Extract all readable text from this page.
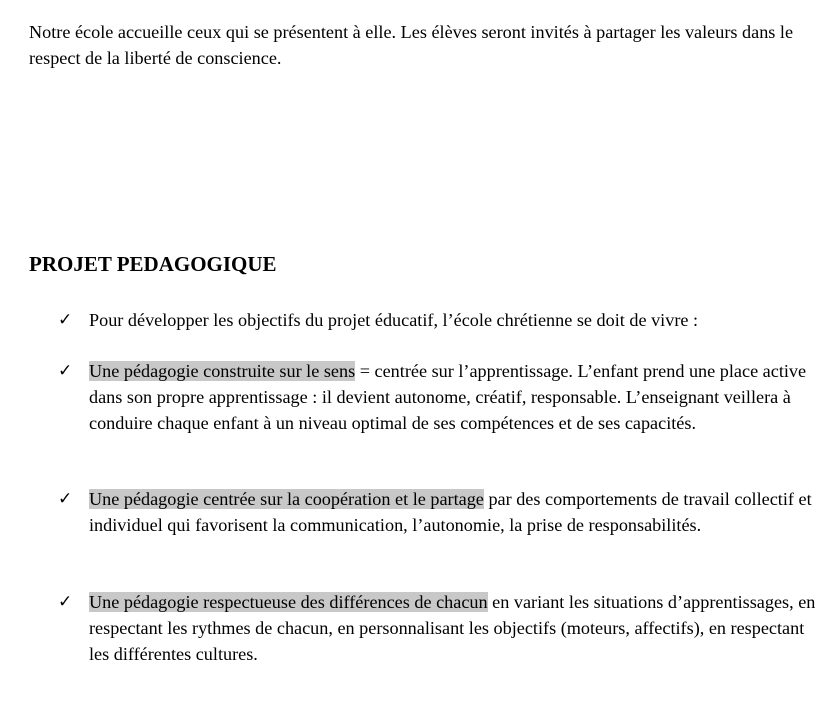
Notre école accueille ceux qui se présentent à elle. Les élèves seront invités à partager les valeurs dans le respect de la liberté de conscience.

PROJET PEDAGOGIQUE
✓ Pour développer les objectifs du projet éducatif, l’école chrétienne se doit de vivre :

✓ Une pédagogie construite sur le sens = centrée sur l’apprentissage. L’enfant prend une place active dans son propre apprentissage : il devient autonome, créatif, responsable. L’enseignant veillera à conduire chaque enfant à un niveau optimal de ses compétences et de ses capacités.

✓ Une pédagogie centrée sur la coopération et le partage par des comportements de travail collectif et individuel qui favorisent la communication, l’autonomie, la prise de responsabilités.

✓ Une pédagogie respectueuse des différences de chacun en variant les situations d’apprentissages, en respectant les rythmes de chacun, en personnalisant les objectifs (moteurs, affectifs), en respectant les différentes cultures.
